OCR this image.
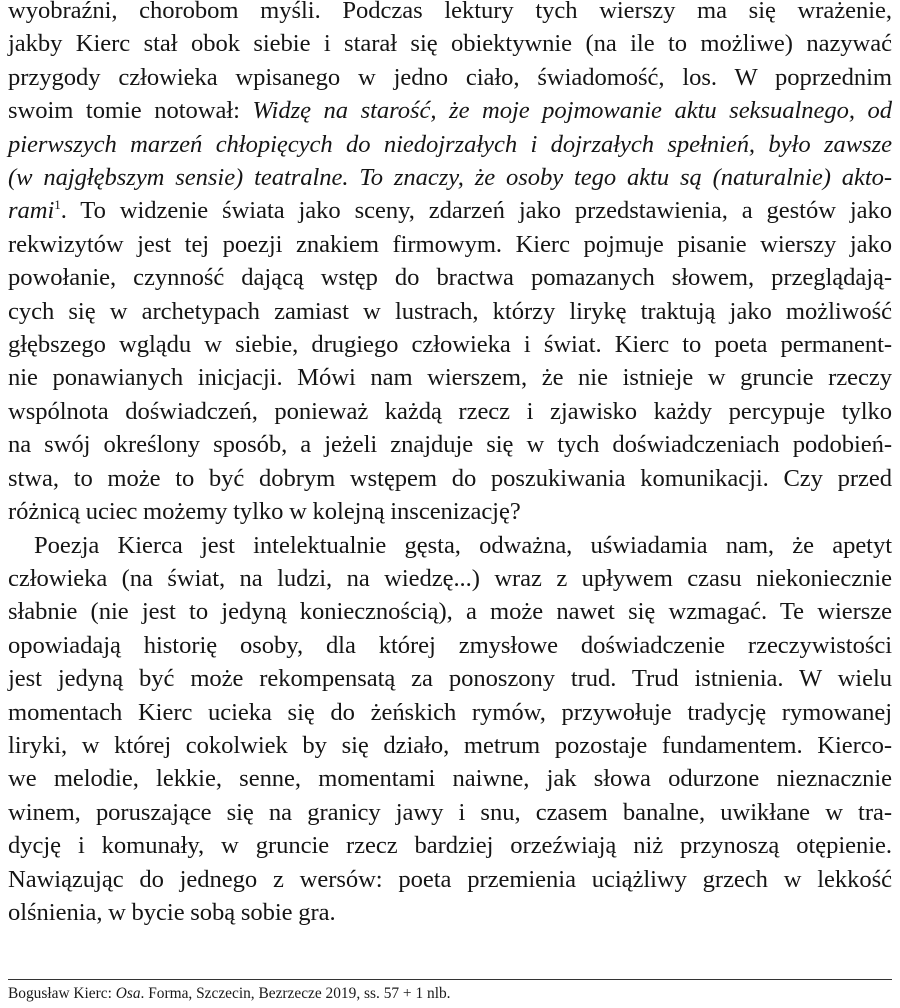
wyobraźni, chorobom myśli. Podczas lektury tych wierszy ma się wrażenie,
jakby Kierc stał obok siebie i starał się obiektywnie (na ile to możliwe) nazywać
przygody człowieka wpisanego w jedno ciało, świadomość, los. W poprzednim
swoim tomie notował: Widzę na starość, że moje pojmowanie aktu seksualnego, od
pierwszych marzeń chłopięcych do niedojrzałych i dojrzałych spełnień, było zawsze
(w najgłębszym sensie) teatralne. To znaczy, że osoby tego aktu są (naturalnie) akto-
rami$^1$. To widzenie świata jako sceny, zdarzeń jako przedstawienia, a gestów jako
rekwizytów jest tej poezji znakiem firmowym. Kierc pojmuje pisanie wierszy jako
powołanie, czynność dającą wstęp do bractwa pomazanych słowem, przeglądają-
cych się w archetypach zamiast w lustrach, którzy lirykę traktują jako możliwość
głębszego wglądu w siebie, drugiego człowieka i świat. Kierc to poeta permanent-
nie ponawianych inicjacji. Mówi nam wierszem, że nie istnieje w gruncie rzeczy
wspólnota doświadczeń, ponieważ każdą rzecz i zjawisko każdy percypuje tylko
na swój określony sposób, a jeżeli znajduje się w tych doświadczeniach podobień-
stwa, to może to być dobrym wstępem do poszukiwania komunikacji. Czy przed
różnicą uciec możemy tylko w kolejną inscenizację?

Poezja Kierca jest intelektualnie gęsta, odważna, uświadamia nam, że apetyt
człowieka (na świat, na ludzi, na wiedzę...) wraz z upływem czasu niekoniecznie
słabnie (nie jest to jedyną koniecznością), a może nawet się wzmagać. Te wiersze
opowiadają historię osoby, dla której zmysłowe doświadczenie rzeczywistości
jest jedyną być może rekompensatą za ponoszony trud. Trud istnienia. W wielu
momentach Kierc ucieka się do żeńskich rymów, przywołuje tradycję rymowanej
liryki, w której cokolwiek by się działo, metrum pozostaje fundamentem. Kierco-
we melodie, lekkie, senne, momentami naiwne, jak słowa odurzone nieznacznie
winem, poruszające się na granicy jawy i snu, czasem banalne, uwikłane w tra-
dycję i komunały, w gruncie rzecz bardziej orzeźwiają niż przynoszą otępienie.
Nawiązując do jednego z wersów: poeta przemienia uciążliwy grzech w lekkość
olśnienia, w bycie sobą sobie gra.

Bogusław Kierc: Osa. Forma, Szczecin, Bezrzecze 2019, ss. 57 + 1 nlb.
